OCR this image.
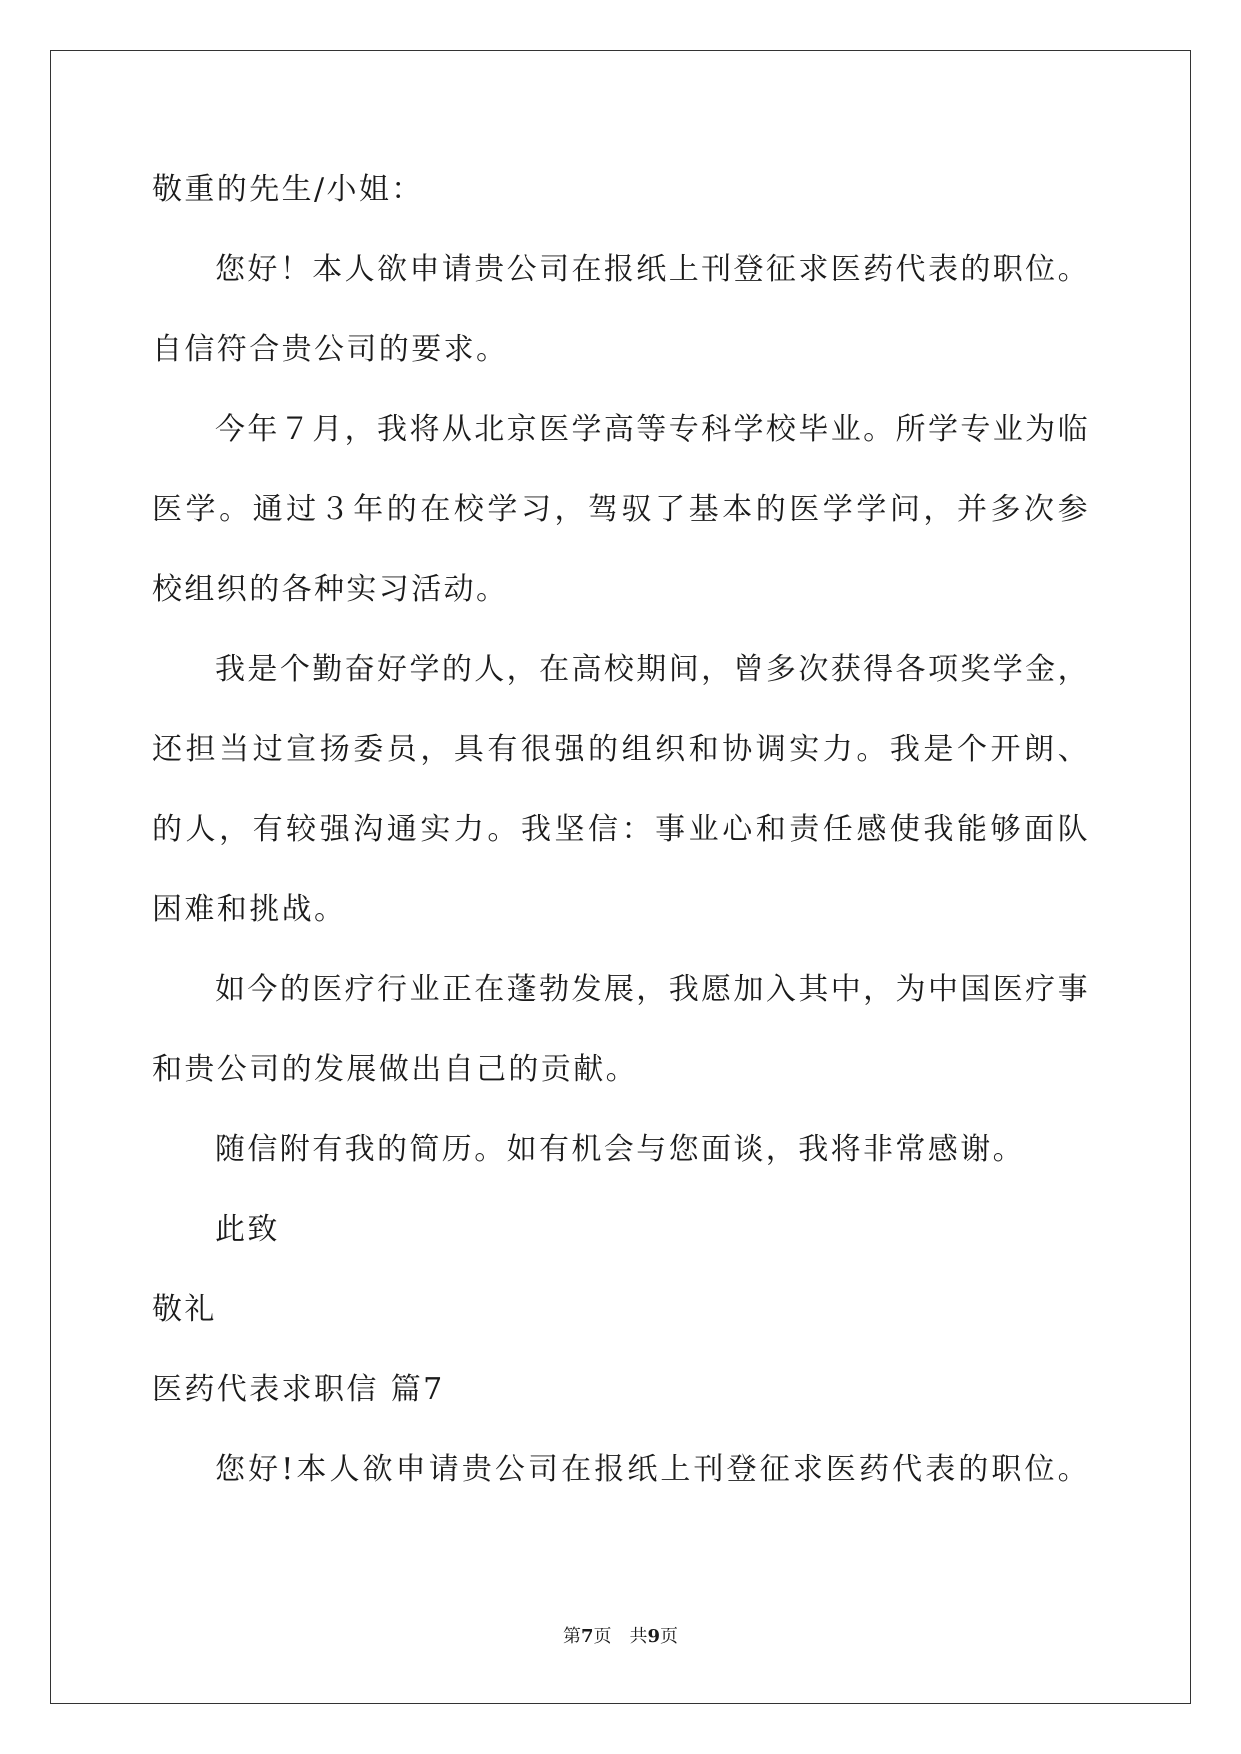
敬重的先生/小姐：
您好！本人欲申请贵公司在报纸上刊登征求医药代表的职位。
自信符合贵公司的要求。
今年７月，我将从北京医学高等专科学校毕业。所学专业为临
医学。通过３年的在校学习，驾驭了基本的医学学问，并多次参
校组织的各种实习活动。
我是个勤奋好学的人，在高校期间，曾多次获得各项奖学金，
还担当过宣扬委员，具有很强的组织和协调实力。我是个开朗、
的人，有较强沟通实力。我坚信：事业心和责任感使我能够面队
困难和挑战。
如今的医疗行业正在蓬勃发展，我愿加入其中，为中国医疗事
和贵公司的发展做出自己的贡献。
随信附有我的简历。如有机会与您面谈，我将非常感谢。
此致
敬礼
医药代表求职信 篇7
您好!本人欲申请贵公司在报纸上刊登征求医药代表的职位。
第7页 共9页
